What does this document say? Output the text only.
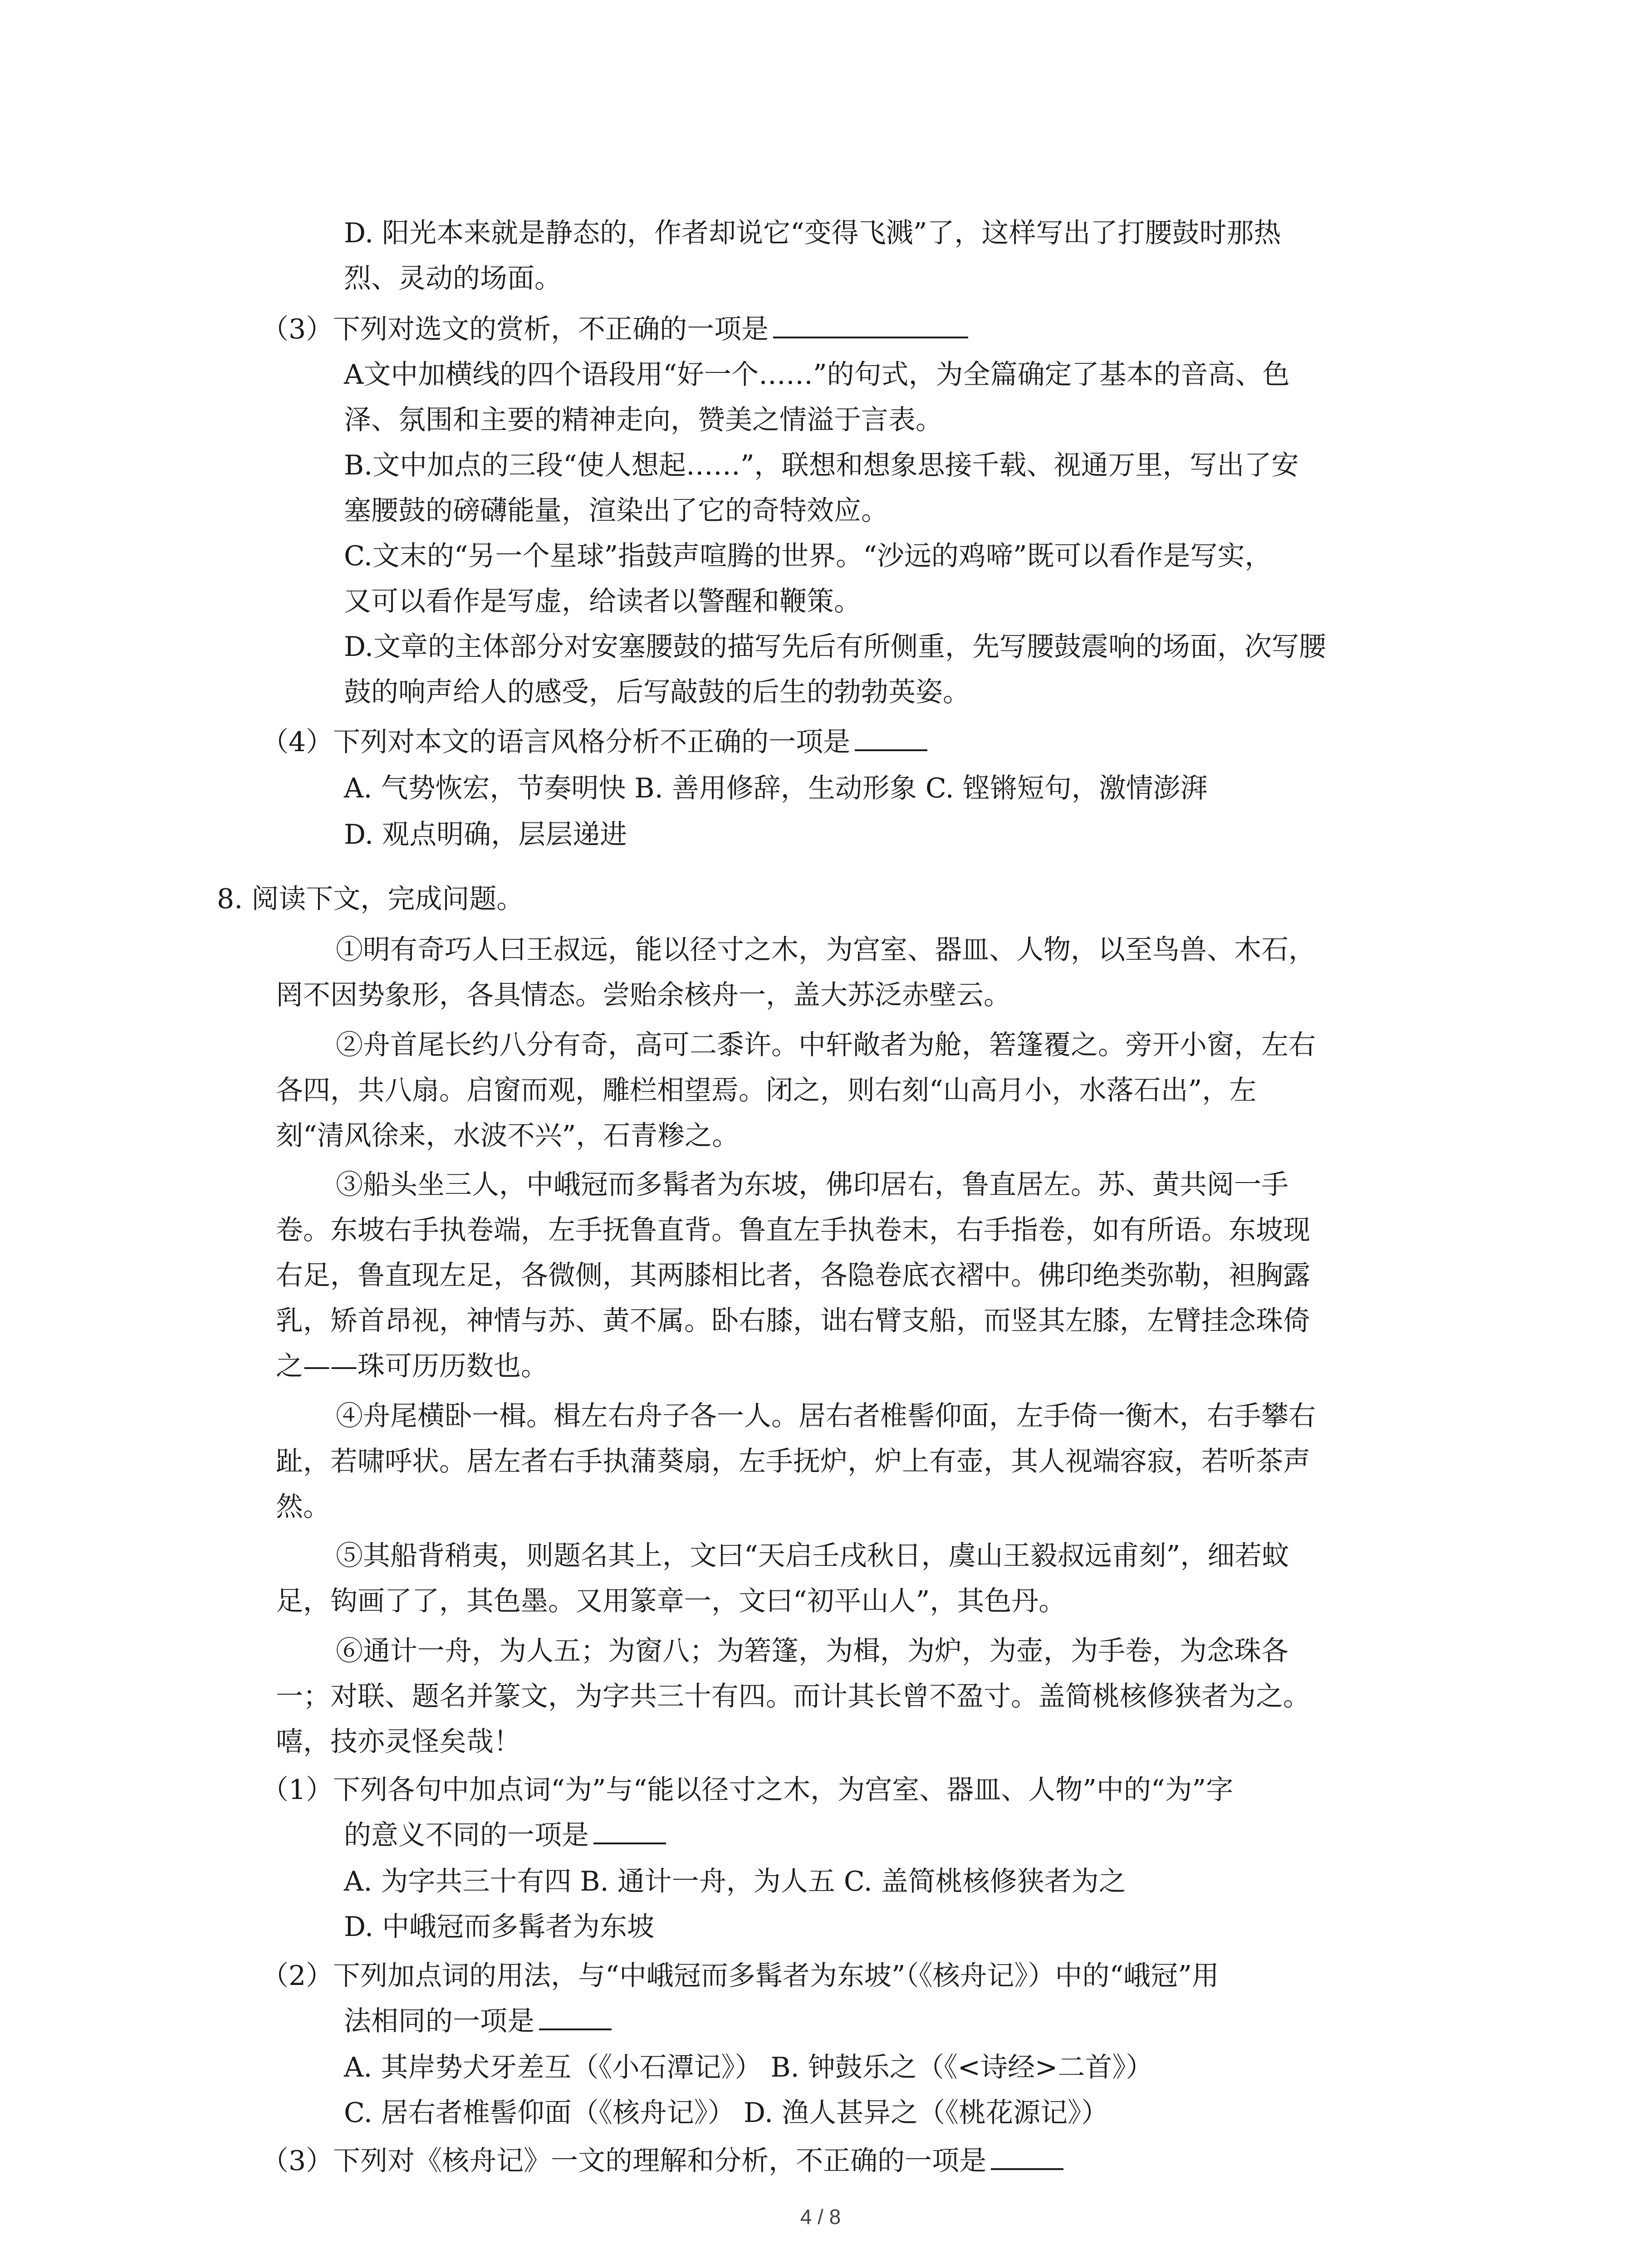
D. 阳光本来就是静态的，作者却说它“变得飞溅”了，这样写出了打腰鼓时那热
烈、灵动的场面。
（3）下列对选文的赏析，不正确的一项是
A文中加横线的四个语段用“好一个……”的句式，为全篇确定了基本的音高、色
泽、氛围和主要的精神走向，赞美之情溢于言表。
B.文中加点的三段“使人想起……”，联想和想象思接千载、视通万里，写出了安
塞腰鼓的磅礴能量，渲染出了它的奇特效应。
C.文末的“另一个星球”指鼓声喧腾的世界。“沙远的鸡啼”既可以看作是写实，
又可以看作是写虚，给读者以警醒和鞭策。
D.文章的主体部分对安塞腰鼓的描写先后有所侧重，先写腰鼓震响的场面，次写腰
鼓的响声给人的感受，后写敲鼓的后生的勃勃英姿。
（4）下列对本文的语言风格分析不正确的一项是
A. 气势恢宏，节奏明快 B. 善用修辞，生动形象 C. 铿锵短句，激情澎湃
D. 观点明确，层层递进
8. 阅读下文，完成问题。
①明有奇巧人曰王叔远，能以径寸之木，为宫室、器皿、人物，以至鸟兽、木石，
罔不因势象形，各具情态。尝贻余核舟一，盖大苏泛赤壁云。
②舟首尾长约八分有奇，高可二黍许。中轩敞者为舱，箬篷覆之。旁开小窗，左右
各四，共八扇。启窗而观，雕栏相望焉。闭之，则右刻“山高月小，水落石出”，左
刻“清风徐来，水波不兴”，石青糁之。
③船头坐三人，中峨冠而多髯者为东坡，佛印居右，鲁直居左。苏、黄共阅一手
卷。东坡右手执卷端，左手抚鲁直背。鲁直左手执卷末，右手指卷，如有所语。东坡现
右足，鲁直现左足，各微侧，其两膝相比者，各隐卷底衣褶中。佛印绝类弥勒，袒胸露
乳，矫首昂视，神情与苏、黄不属。卧右膝，诎右臂支船，而竖其左膝，左臂挂念珠倚
之——珠可历历数也。
④舟尾横卧一楫。楫左右舟子各一人。居右者椎髻仰面，左手倚一衡木，右手攀右
趾，若啸呼状。居左者右手执蒲葵扇，左手抚炉，炉上有壶，其人视端容寂，若听茶声
然。
⑤其船背稍夷，则题名其上，文曰“天启壬戌秋日，虞山王毅叔远甫刻”，细若蚊
足，钩画了了，其色墨。又用篆章一，文曰“初平山人”，其色丹。
⑥通计一舟，为人五；为窗八；为箬篷，为楫，为炉，为壶，为手卷，为念珠各
一；对联、题名并篆文，为字共三十有四。而计其长曾不盈寸。盖简桃核修狭者为之。
嘻，技亦灵怪矣哉！
（1）下列各句中加点词“为”与“能以径寸之木，为宫室、器皿、人物”中的“为”字
的意义不同的一项是
A. 为字共三十有四 B. 通计一舟，为人五 C. 盖简桃核修狭者为之
D. 中峨冠而多髯者为东坡
（2）下列加点词的用法，与“中峨冠而多髯者为东坡”（《核舟记》）中的“峨冠”用
法相同的一项是
A. 其岸势犬牙差互（《小石潭记》） B. 钟鼓乐之（《<诗经>二首》）
C. 居右者椎髻仰面（《核舟记》） D. 渔人甚异之（《桃花源记》）
（3）下列对《核舟记》一文的理解和分析，不正确的一项是
4 / 8
